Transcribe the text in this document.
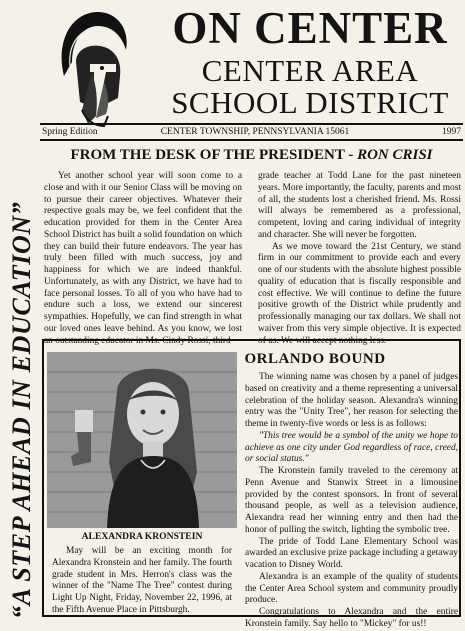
ON CENTER
CENTER AREA
SCHOOL DISTRICT
“A STEP AHEAD IN EDUCATION”
Spring Edition	CENTER TOWNSHIP, PENNSYLVANIA 15061	1997
FROM THE DESK OF THE PRESIDENT - RON CRISI

Yet another school year will soon come to a close and with it our Senior Class will be moving on to pursue their career objectives. Whatever their respective goals may be, we feel confident that the education provided for them in the Center Area School District has built a solid foundation on which they can build their future endeavors. The year has truly been filled with much success, joy and happiness for which we are indeed thankful. Unfortunately, as with any District, we have had to face personal losses. To all of you who have had to endure such a loss, we extend our sincerest sympathies. Hopefully, we can find strength in what our loved ones leave behind. As you know, we lost an outstanding educator in Ms. Cindy Rossi, third

grade teacher at Todd Lane for the past nineteen years. More importantly, the faculty, parents and most of all, the students lost a cherished friend. Ms. Rossi will always be remembered as a professional, competent, loving and caring individual of integrity and character. She will never be forgotten.

As we move toward the 21st Century, we stand firm in our commitment to provide each and every one of our students with the absolute highest possible quality of education that is fiscally responsible and cost effective. We will continue to define the future positive growth of the District while prudently and professionally managing our tax dollars. We shall not waiver from this very simple objective. It is expected of us. We will accept nothing less.

ORLANDO BOUND
ALEXANDRA KRONSTEIN

May will be an exciting month for Alexandra Kronstein and her family. The fourth grade student in Mrs. Herron's class was the winner of the "Name The Tree" contest during Light Up Night, Friday, November 22, 1996, at the Fifth Avenue Place in Pittsburgh.

The winning name was chosen by a panel of judges based on creativity and a theme representing a universal celebration of the holiday season. Alexandra's winning entry was the "Unity Tree", her reason for selecting the theme in twenty-five words or less is as follows:

"This tree would be a symbol of the unity we hope to achieve as one city under God regardless of race, creed, or social status."

The Kronstein family traveled to the ceremony at Penn Avenue and Stanwix Street in a limousine provided by the contest sponsors. In front of several thousand people, as well as a television audience, Alexandra read her winning entry and then had the honor of pulling the switch, lighting the symbolic tree.

The pride of Todd Lane Elementary School was awarded an exclusive prize package including a getaway vacation to Disney World.

Alexandra is an example of the quality of students the Center Area School system and community proudly produce.

Congratulations to Alexandra and the entire Kronstein family. Say hello to "Mickey" for us!!
